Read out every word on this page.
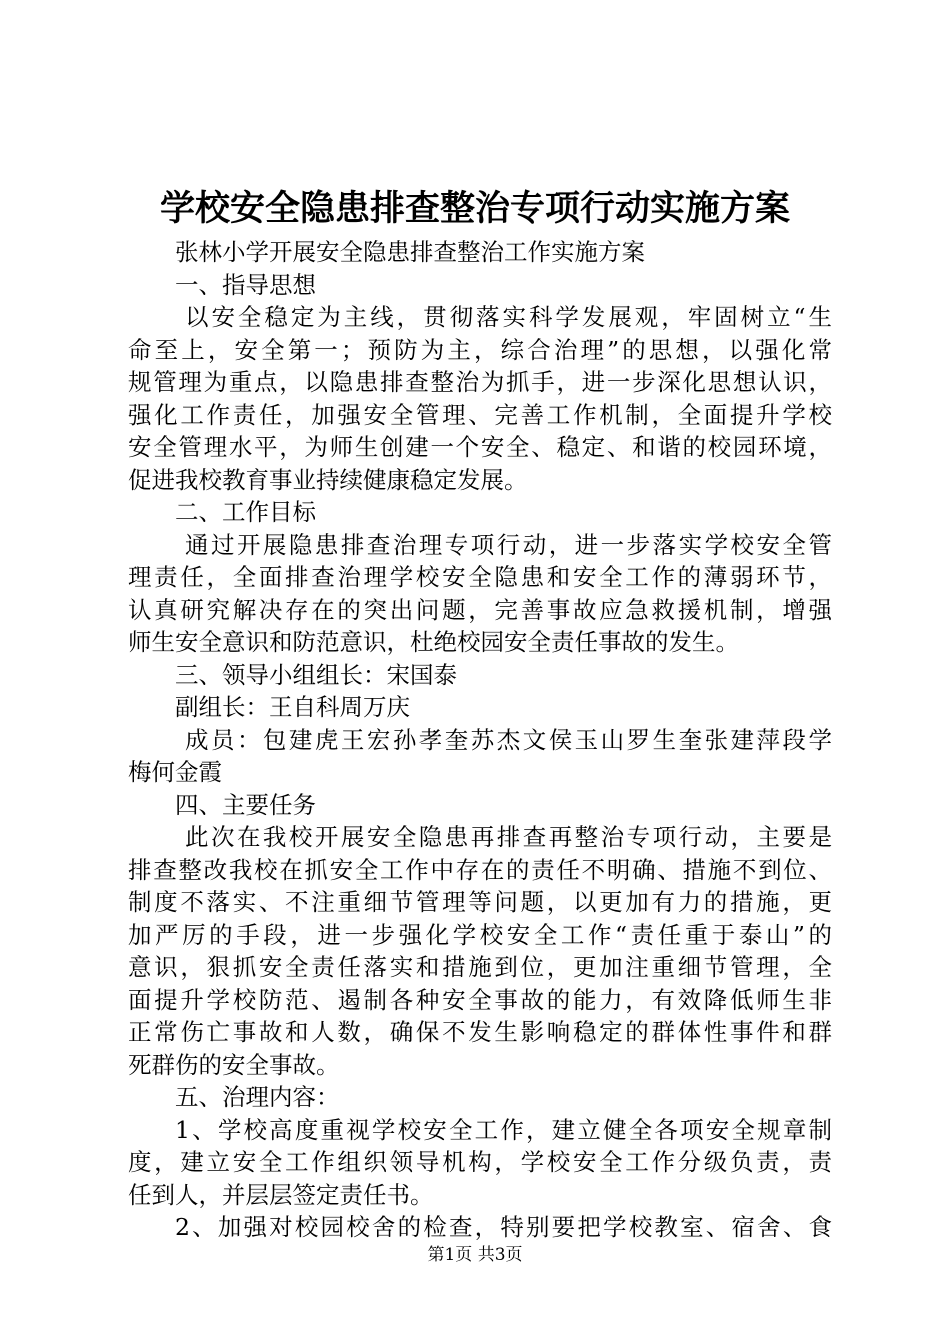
学校安全隐患排查整治专项行动实施方案
张林小学开展安全隐患排查整治工作实施方案
一、指导思想
以安全稳定为主线，贯彻落实科学发展观，牢固树立“生
命至上，安全第一；预防为主，综合治理”的思想，以强化常
规管理为重点，以隐患排查整治为抓手，进一步深化思想认识，
强化工作责任，加强安全管理、完善工作机制，全面提升学校
安全管理水平，为师生创建一个安全、稳定、和谐的校园环境，
促进我校教育事业持续健康稳定发展。
二、工作目标
通过开展隐患排查治理专项行动，进一步落实学校安全管
理责任，全面排查治理学校安全隐患和安全工作的薄弱环节，
认真研究解决存在的突出问题，完善事故应急救援机制，增强
师生安全意识和防范意识，杜绝校园安全责任事故的发生。
三、领导小组组长：宋国泰
副组长：王自科周万庆
成员：包建虎王宏孙孝奎苏杰文侯玉山罗生奎张建萍段学
梅何金霞
四、主要任务
此次在我校开展安全隐患再排查再整治专项行动，主要是
排查整改我校在抓安全工作中存在的责任不明确、措施不到位、
制度不落实、不注重细节管理等问题，以更加有力的措施，更
加严厉的手段，进一步强化学校安全工作“责任重于泰山”的
意识，狠抓安全责任落实和措施到位，更加注重细节管理，全
面提升学校防范、遏制各种安全事故的能力，有效降低师生非
正常伤亡事故和人数，确保不发生影响稳定的群体性事件和群
死群伤的安全事故。
五、治理内容：
1、学校高度重视学校安全工作，建立健全各项安全规章制
度，建立安全工作组织领导机构，学校安全工作分级负责，责
任到人，并层层签定责任书。
2、加强对校园校舍的检查，特别要把学校教室、宿舍、食
第1页 共3页
